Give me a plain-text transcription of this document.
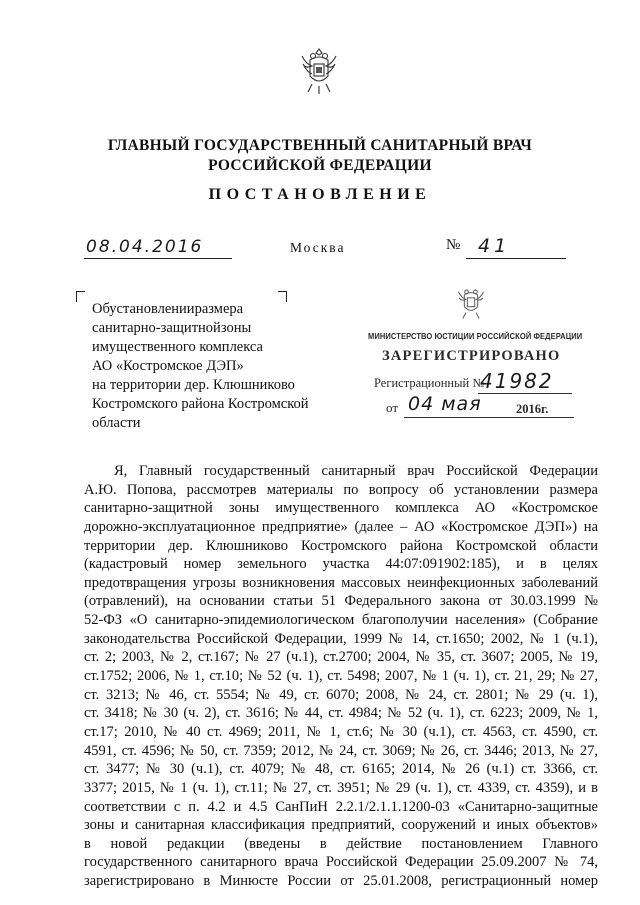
ГЛАВНЫЙ ГОСУДАРСТВЕННЫЙ САНИТАРНЫЙ ВРАЧ
РОССИЙСКОЙ ФЕДЕРАЦИИ
ПОСТАНОВЛЕНИЕ
08.04.2016	Москва	№ 41
Обустановленииразмера
санитарно-защитнойзоны
имущественного комплекса
АО «Костромское ДЭП»
на территории дер. Клюшниково
Костромского района Костромской
области
МИНИСТЕРСТВО ЮСТИЦИИ РОССИЙСКОЙ ФЕДЕРАЦИИ
ЗАРЕГИСТРИРОВАНО
Регистрационный №
41982
от 04 мая	2016г.
Я, Главный государственный санитарный врач Российской Федерации
А.Ю. Попова, рассмотрев материалы по вопросу об установлении размера
санитарно-защитной зоны имущественного комплекса АО «Костромское
дорожно-эксплуатационное предприятие» (далее – АО «Костромское ДЭП») на
территории дер. Клюшниково Костромского района Костромской области
(кадастровый номер земельного участка 44:07:091902:185), и в целях
предотвращения угрозы возникновения массовых неинфекционных заболеваний
(отравлений), на основании статьи 51 Федерального закона от 30.03.1999 №
52-ФЗ «О санитарно-эпидемиологическом благополучии населения» (Собрание
законодательства Российской Федерации, 1999 № 14, ст.1650; 2002, № 1 (ч.1),
ст. 2; 2003, № 2, ст.167; № 27 (ч.1), ст.2700; 2004, № 35, ст. 3607; 2005, № 19,
ст.1752; 2006, № 1, ст.10; № 52 (ч. 1), ст. 5498; 2007, № 1 (ч. 1), ст. 21, 29; № 27,
ст. 3213; № 46, ст. 5554; № 49, ст. 6070; 2008, № 24, ст. 2801; № 29 (ч. 1),
ст. 3418; № 30 (ч. 2), ст. 3616; № 44, ст. 4984; № 52 (ч. 1), ст. 6223; 2009, № 1,
ст.17; 2010, № 40 ст. 4969; 2011, № 1, ст.6; № 30 (ч.1), ст. 4563, ст. 4590, ст.
4591, ст. 4596; № 50, ст. 7359; 2012, № 24, ст. 3069; № 26, ст. 3446; 2013, № 27,
ст. 3477; № 30 (ч.1), ст. 4079; № 48, ст. 6165; 2014, № 26 (ч.1) ст. 3366, ст.
3377; 2015, № 1 (ч. 1), ст.11; № 27, ст. 3951; № 29 (ч. 1), ст. 4339, ст. 4359), и в
соответствии с п. 4.2 и 4.5 СанПиН 2.2.1/2.1.1.1200-03 «Санитарно-защитные
зоны и санитарная классификация предприятий, сооружений и иных объектов»
в новой редакции (введены в действие постановлением Главного
государственного санитарного врача Российской Федерации 25.09.2007 № 74,
зарегистрировано в Минюсте России от 25.01.2008, регистрационный номер
